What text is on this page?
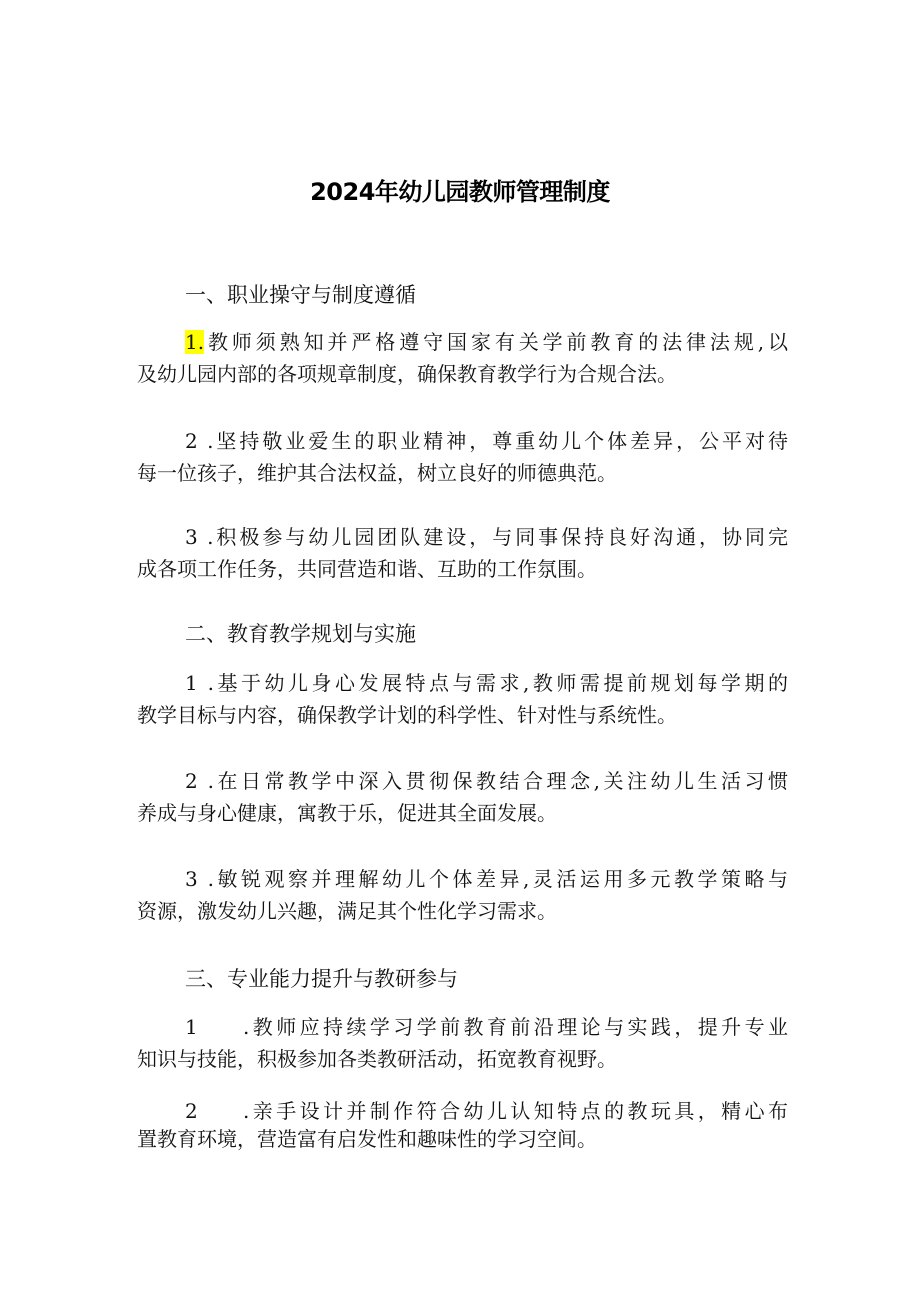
2024年幼儿园教师管理制度
一、职业操守与制度遵循
1.教师须熟知并严格遵守国家有关学前教育的法律法规,以
及幼儿园内部的各项规章制度，确保教育教学行为合规合法。
2 .坚持敬业爱生的职业精神，尊重幼儿个体差异，公平对待
每一位孩子，维护其合法权益，树立良好的师德典范。
3 .积极参与幼儿园团队建设，与同事保持良好沟通，协同完
成各项工作任务，共同营造和谐、互助的工作氛围。
二、教育教学规划与实施
1 .基于幼儿身心发展特点与需求,教师需提前规划每学期的
教学目标与内容，确保教学计划的科学性、针对性与系统性。
2 .在日常教学中深入贯彻保教结合理念,关注幼儿生活习惯
养成与身心健康，寓教于乐，促进其全面发展。
3 .敏锐观察并理解幼儿个体差异,灵活运用多元教学策略与
资源，激发幼儿兴趣，满足其个性化学习需求。
三、专业能力提升与教研参与
1 .教师应持续学习学前教育前沿理论与实践，提升专业
知识与技能，积极参加各类教研活动，拓宽教育视野。
2 .亲手设计并制作符合幼儿认知特点的教玩具，精心布
置教育环境，营造富有启发性和趣味性的学习空间。
